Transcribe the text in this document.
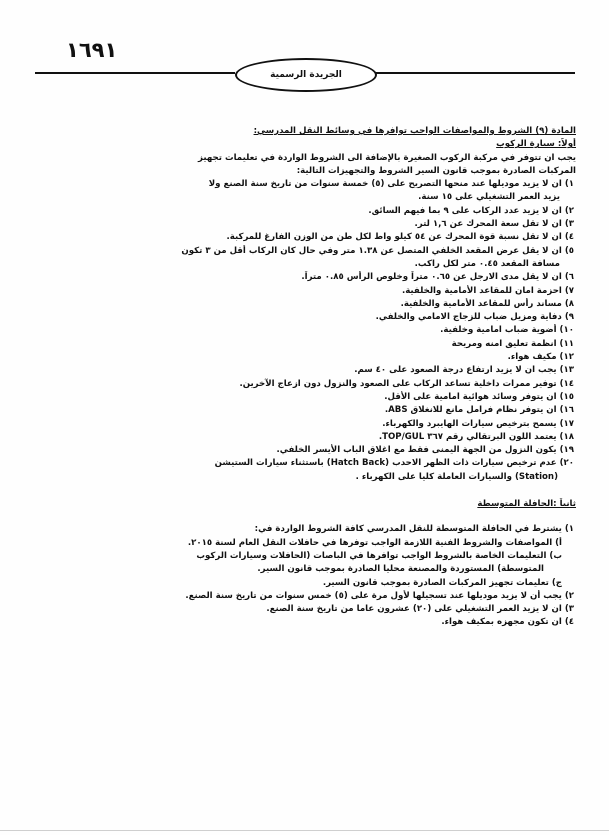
١٦٩١
الجريدة الرسمية
المادة (٩) الشروط والمواصفات الواجب توافرها في وسائط النقل المدرسي:
أولاً: سيارة الركوب
يجب ان تتوفر في مركبة الركوب الصغيرة بالإضافة الى الشروط الواردة في تعليمات تجهيز
المركبات الصادرة بموجب قانون السير الشروط والتجهيزات التالية:
١) ان لا يزيد موديلها عند منحها التصريح على (٥) خمسة سنوات من تاريخ سنة الصنع ولا
يزيد العمر التشغيلي على ١٥ سنة.
٢) ان لا يزيد عدد الركاب على ٩ بما فيهم السائق.
٣) ان لا تقل سعة المحرك عن ١,٦ لتر.
٤) ان لا تقل نسبة قوة المحرك عن ٥٤ كيلو واط لكل طن من الوزن الفارغ للمركبة.
٥) ان لا يقل عرض المقعد الخلفي المتصل عن ١.٣٨ متر وفي حال كان الركاب أقل من ٣ تكون
مسافة المقعد ٠.٤٥ متر لكل راكب.
٦) ان لا يقل مدى الارجل عن ٠.٦٥ متراً وخلوص الرأس ٠.٨٥ متراً.
٧) احزمة امان للمقاعد الأمامية والخلفية.
٨) مساند رأس للمقاعد الأمامية والخلفية.
٩) دفاية ومزيل ضباب للزجاج الامامي والخلفي.
١٠) أضوية ضباب امامية وخلفية.
١١) انظمة تعليق امنه ومريحة
١٢) مكيف هواء.
١٣) يجب ان لا يزيد ارتفاع درجة الصعود على ٤٠ سم.
١٤) توفير ممرات داخلية تساعد الركاب على الصعود والنزول دون ازعاج الآخرين.
١٥) ان يتوفر وسائد هوائية امامية على الأقل.
١٦) ان يتوفر نظام فرامل مانع للانغلاق ABS.
١٧) يسمح بترخيص سيارات الهايبرد والكهرباء.
١٨) يعتمد اللون البرتقالي رقم ٣٦٧ TOP/GUL.
١٩) يكون النزول من الجهة اليمنى فقط مع اغلاق الباب الأيسر الخلفي.
٢٠) عدم ترخيص سيارات ذات الظهر الاحدب (Hatch Back) باستثناء سيارات الستيشن
(Station) والسيارات العاملة كليا على الكهرباء .
ثانياً :الحافلة المتوسطة
١) يشترط في الحافلة المتوسطة للنقل المدرسي كافة الشروط الواردة في:
أ) المواصفات والشروط الفنية اللازمة الواجب توفرها في حافلات النقل العام لسنة ٢٠١٥.
ب) التعليمات الخاصة بالشروط الواجب توافرها في الباصات (الحافلات وسيارات الركوب
المتوسطة) المستوردة والمصنعة محليا الصادرة بموجب قانون السير.
ج) تعليمات تجهيز المركبات الصادرة بموجب قانون السير.
٢) يجب أن لا يزيد موديلها عند تسجيلها لأول مرة على (٥) خمس سنوات من تاريخ سنة الصنع.
٣) ان لا يزيد العمر التشغيلي على (٢٠) عشرون عاما من تاريخ سنة الصنع.
٤) ان تكون مجهزه بمكيف هواء.
